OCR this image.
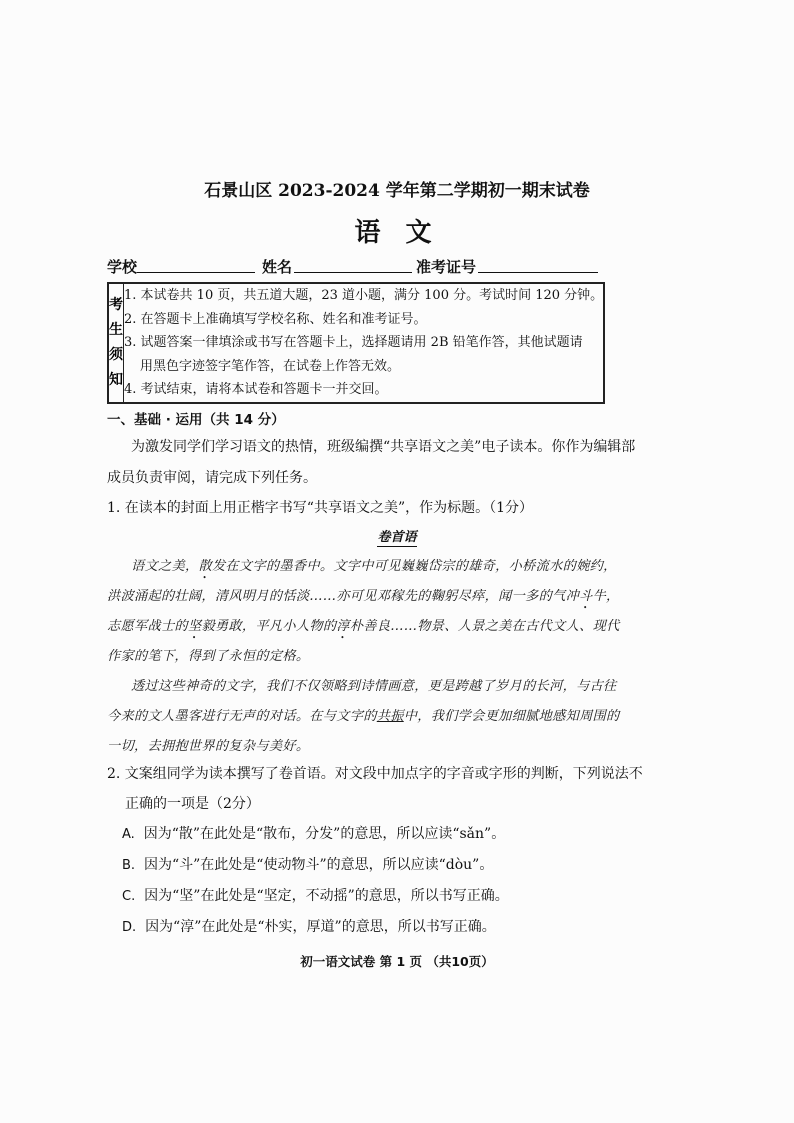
石景山区 2023-2024 学年第二学期初一期末试卷
语 文
学校	姓名	准考证号
考
生
须
知

1. 本试卷共 10 页，共五道大题，23 道小题，满分 100 分。考试时间 120 分钟。
2. 在答题卡上准确填写学校名称、姓名和准考证号。
3. 试题答案一律填涂或书写在答题卡上，选择题请用 2B 铅笔作答，其他试题请
用黑色字迹签字笔作答，在试卷上作答无效。
4. 考试结束，请将本试卷和答题卡一并交回。
一、基础 · 运用（共 14 分）
为激发同学们学习语文的热情，班级编撰“共享语文之美”电子读本。你作为编辑部
成员负责审阅，请完成下列任务。
1. 在读本的封面上用正楷字书写“共享语文之美”，作为标题。（1分）
卷首语
语文之美，散发在文字的墨香中。文字中可见巍巍岱宗的雄奇，小桥流水的婉约，
洪波涌起的壮阔，清风明月的恬淡……亦可见邓稼先的鞠躬尽瘁，闻一多的气冲斗牛，
志愿军战士的坚毅勇敢，平凡小人物的淳朴善良……物景、人景之美在古代文人、现代
作家的笔下，得到了永恒的定格。
透过这些神奇的文字，我们不仅领略到诗情画意，更是跨越了岁月的长河，与古往
今来的文人墨客进行无声的对话。在与文字的共振中，我们学会更加细腻地感知周围的
一切，去拥抱世界的复杂与美好。
2. 文案组同学为读本撰写了卷首语。对文段中加点字的字音或字形的判断，下列说法不
正确的一项是（2分）
A. 因为“散”在此处是“散布，分发”的意思，所以应读“sǎn”。
B. 因为“斗”在此处是“使动物斗”的意思，所以应读“dòu”。
C. 因为“坚”在此处是“坚定，不动摇”的意思，所以书写正确。
D. 因为“淳”在此处是“朴实，厚道”的意思，所以书写正确。
初一语文试卷 第 1 页 （共10页）
